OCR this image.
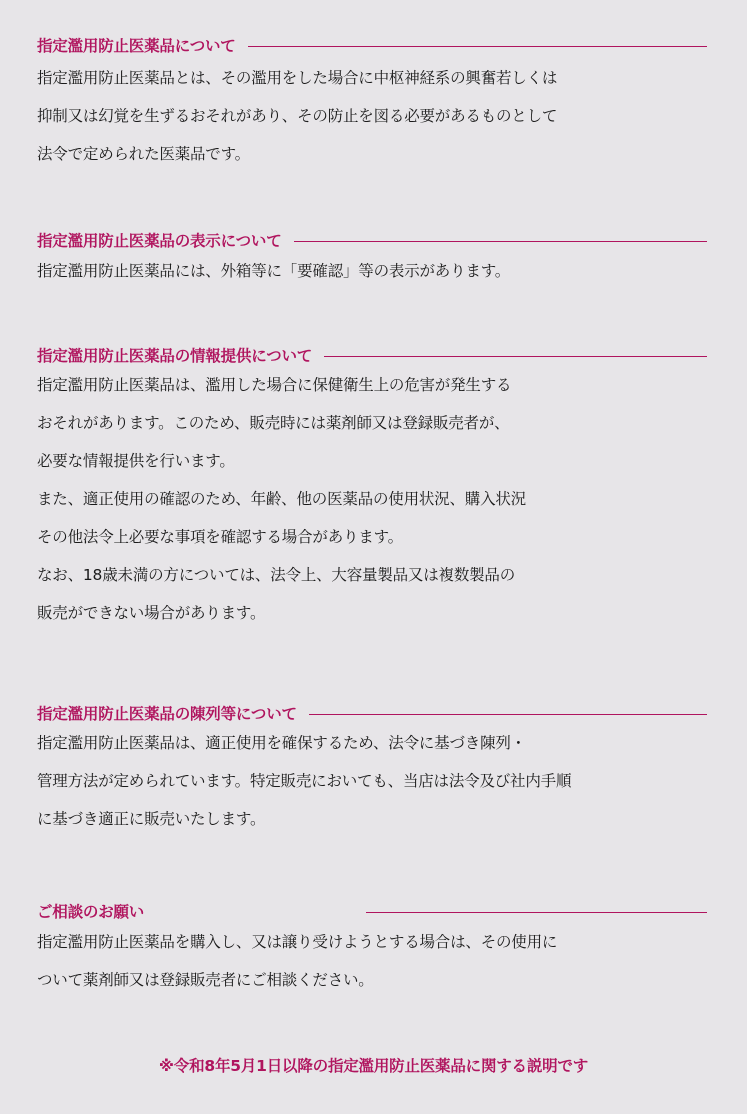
指定濫用防止医薬品について
指定濫用防止医薬品とは、その濫用をした場合に中枢神経系の興奮若しくは
抑制又は幻覚を生ずるおそれがあり、その防止を図る必要があるものとして
法令で定められた医薬品です。
指定濫用防止医薬品の表示について
指定濫用防止医薬品には、外箱等に「要確認」等の表示があります。
指定濫用防止医薬品の情報提供について
指定濫用防止医薬品は、濫用した場合に保健衛生上の危害が発生する
おそれがあります。このため、販売時には薬剤師又は登録販売者が、
必要な情報提供を行います。
また、適正使用の確認のため、年齢、他の医薬品の使用状況、購入状況
その他法令上必要な事項を確認する場合があります。
なお、18歳未満の方については、法令上、大容量製品又は複数製品の
販売ができない場合があります。
指定濫用防止医薬品の陳列等について
指定濫用防止医薬品は、適正使用を確保するため、法令に基づき陳列・
管理方法が定められています。特定販売においても、当店は法令及び社内手順
に基づき適正に販売いたします。
ご相談のお願い
指定濫用防止医薬品を購入し、又は譲り受けようとする場合は、その使用に
ついて薬剤師又は登録販売者にご相談ください。
※令和8年5月1日以降の指定濫用防止医薬品に関する説明です
